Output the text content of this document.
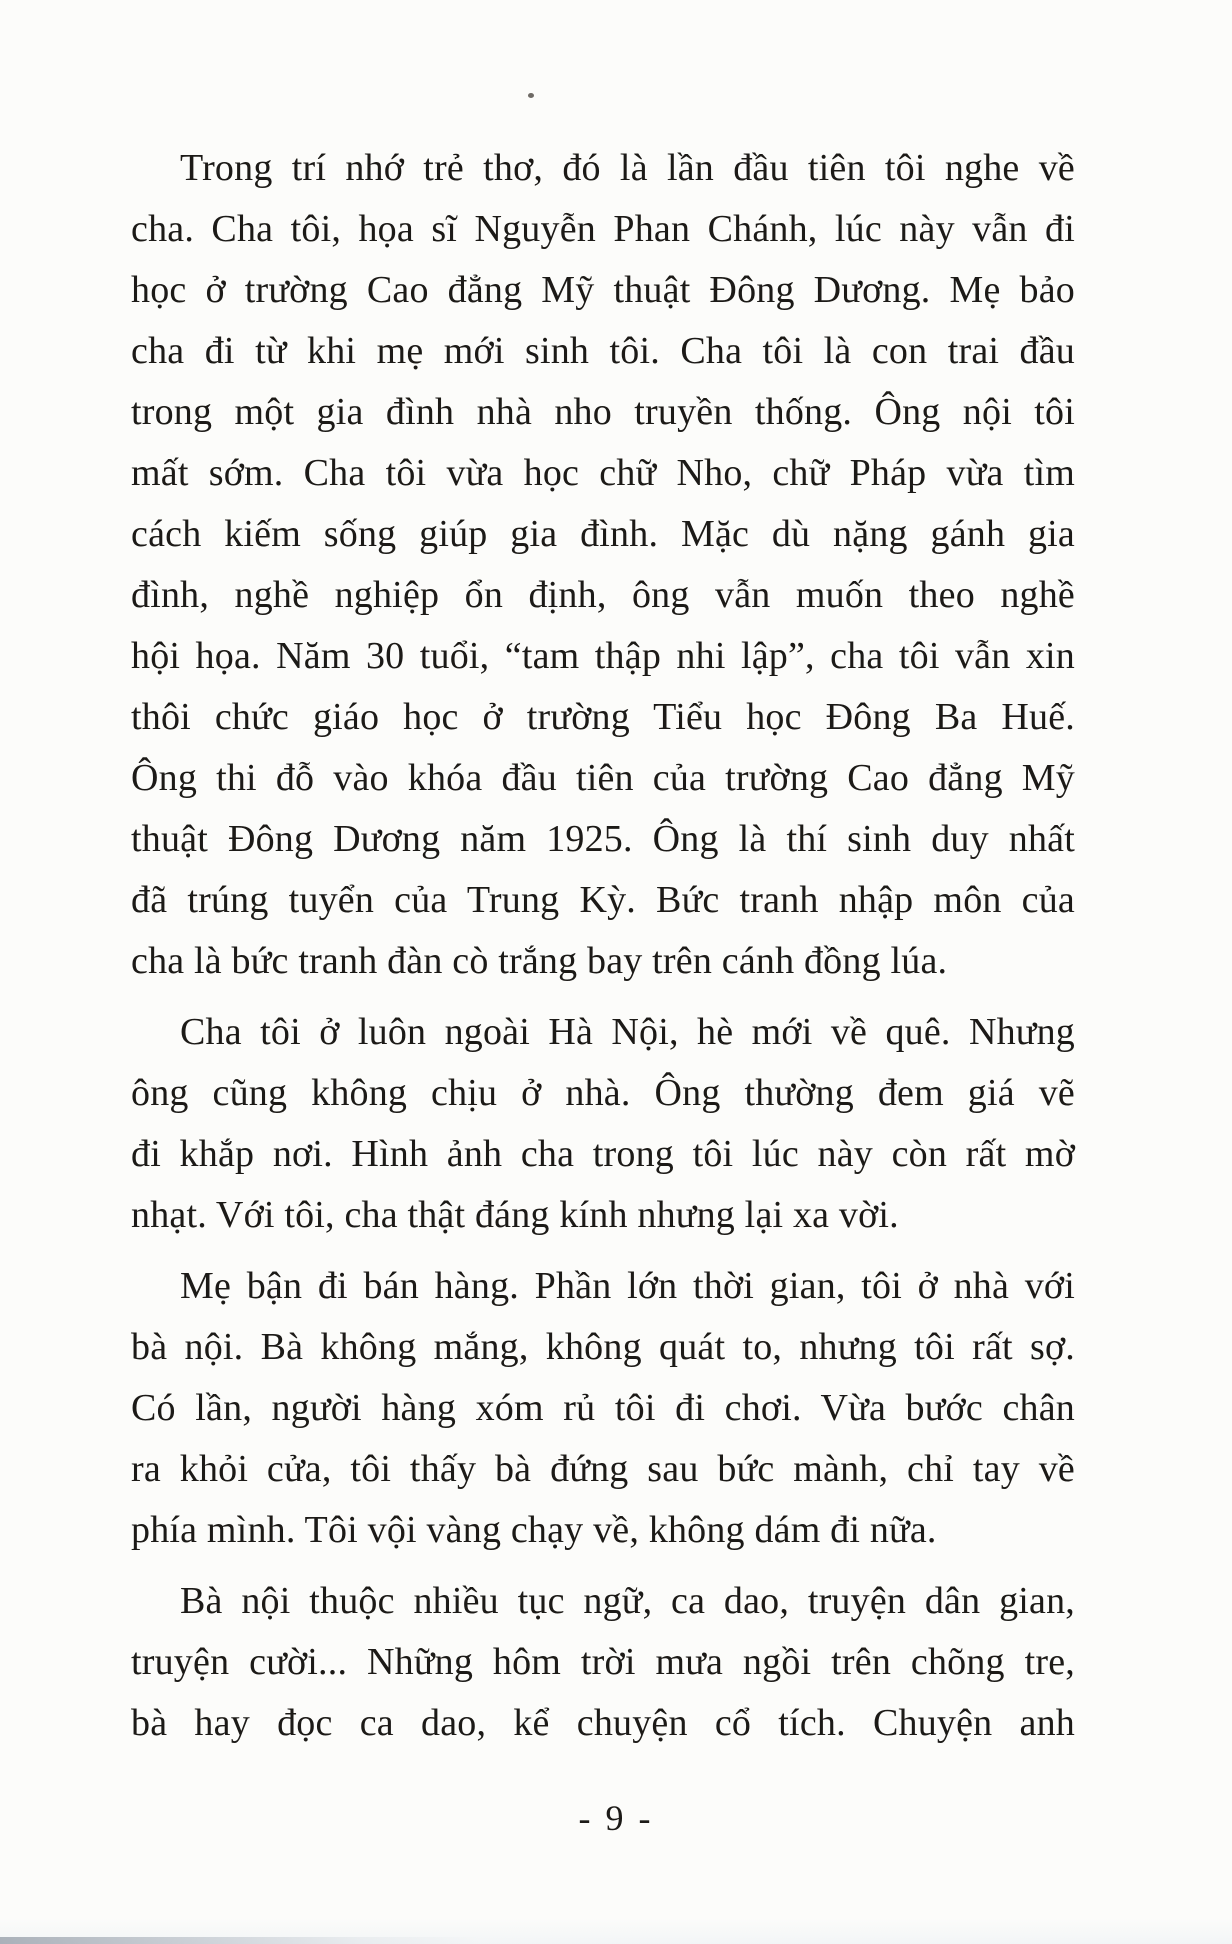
Trong trí nhớ trẻ thơ, đó là lần đầu tiên tôi nghe về
cha. Cha tôi, họa sĩ Nguyễn Phan Chánh, lúc này vẫn đi
học ở trường Cao đẳng Mỹ thuật Đông Dương. Mẹ bảo
cha đi từ khi mẹ mới sinh tôi. Cha tôi là con trai đầu
trong một gia đình nhà nho truyền thống. Ông nội tôi
mất sớm. Cha tôi vừa học chữ Nho, chữ Pháp vừa tìm
cách kiếm sống giúp gia đình. Mặc dù nặng gánh gia
đình, nghề nghiệp ổn định, ông vẫn muốn theo nghề
hội họa. Năm 30 tuổi, “tam thập nhi lập”, cha tôi vẫn xin
thôi chức giáo học ở trường Tiểu học Đông Ba Huế.
Ông thi đỗ vào khóa đầu tiên của trường Cao đẳng Mỹ
thuật Đông Dương năm 1925. Ông là thí sinh duy nhất
đã trúng tuyển của Trung Kỳ. Bức tranh nhập môn của
cha là bức tranh đàn cò trắng bay trên cánh đồng lúa.
Cha tôi ở luôn ngoài Hà Nội, hè mới về quê. Nhưng
ông cũng không chịu ở nhà. Ông thường đem giá vẽ
đi khắp nơi. Hình ảnh cha trong tôi lúc này còn rất mờ
nhạt. Với tôi, cha thật đáng kính nhưng lại xa vời.
Mẹ bận đi bán hàng. Phần lớn thời gian, tôi ở nhà với
bà nội. Bà không mắng, không quát to, nhưng tôi rất sợ.
Có lần, người hàng xóm rủ tôi đi chơi. Vừa bước chân
ra khỏi cửa, tôi thấy bà đứng sau bức mành, chỉ tay về
phía mình. Tôi vội vàng chạy về, không dám đi nữa.
Bà nội thuộc nhiều tục ngữ, ca dao, truyện dân gian,
truyện cười... Những hôm trời mưa ngồi trên chõng tre,
bà hay đọc ca dao, kể chuyện cổ tích. Chuyện anh
- 9 -
